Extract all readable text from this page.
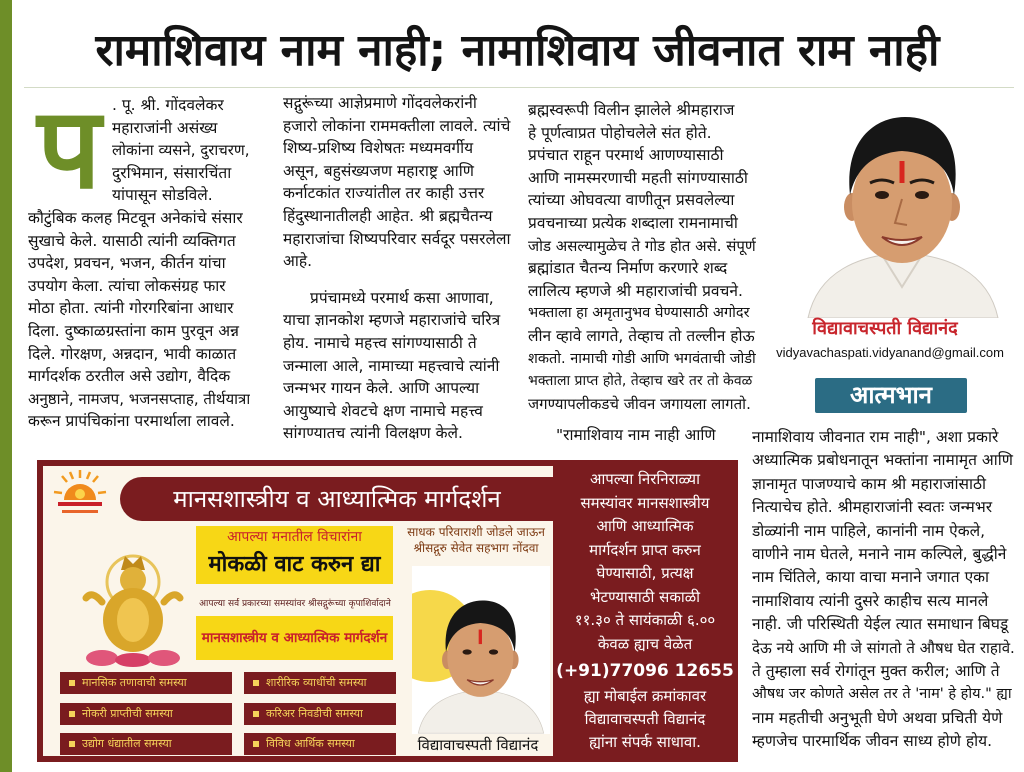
रामाशिवाय नाम नाही; नामाशिवाय जीवनात राम नाही
प . पू. श्री. गोंदवलेकर
महाराजांनी असंख्य
लोकांना व्यसने, दुराचरण,
दुरभिमान, संसारचिंता
यांपासून सोडविले.
कौटुंबिक कलह मिटवून अनेकांचे संसार
सुखाचे केले. यासाठी त्यांनी व्यक्तिगत
उपदेश, प्रवचन, भजन, कीर्तन यांचा
उपयोग केला. त्यांचा लोकसंग्रह फार
मोठा होता. त्यांनी गोरगरिबांना आधार
दिला. दुष्काळग्रस्तांना काम पुरवून अन्न
दिले. गोरक्षण, अन्नदान, भावी काळात
मार्गदर्शक ठरतील असे उद्योग, वैदिक
अनुष्ठाने, नामजप, भजनसप्ताह, तीर्थयात्रा
करून प्रापंचिकांना परमार्थाला लावले.
सद्गुरूंच्या आज्ञेप्रमाणे गोंदवलेकरांनी
हजारो लोकांना राममक्तीला लावले. त्यांचे
शिष्य-प्रशिष्य विशेषतः मध्यमवर्गीय
असून, बहुसंख्यजण महाराष्ट्र आणि
कर्नाटकांत राज्यांतील तर काही उत्तर
हिंदुस्थानातीलही आहेत. श्री ब्रह्मचैतन्य
महाराजांचा शिष्यपरिवार सर्वदूर पसरलेला
आहे.
प्रपंचामध्ये परमार्थ कसा आणावा,
याचा ज्ञानकोश म्हणजे महाराजांचे चरित्र
होय. नामाचे महत्त्व सांगण्यासाठी ते
जन्माला आले, नामाच्या महत्त्वाचे त्यांनी
जन्मभर गायन केले. आणि आपल्या
आयुष्याचे शेवटचे क्षण नामाचे महत्त्व
सांगण्यातच त्यांनी विलक्षण केले.
ब्रह्मस्वरूपी विलीन झालेले श्रीमहाराज
हे पूर्णत्वाप्रत पोहोचलेले संत होते.
प्रपंचात राहून परमार्थ आणण्यासाठी
आणि नामस्मरणाची महती सांगण्यासाठी
त्यांच्या ओघवत्या वाणीतून प्रसवलेल्या
प्रवचनाच्या प्रत्येक शब्दाला रामनामाची
जोड असल्यामुळेच ते गोड होत असे. संपूर्ण
ब्रह्मांडात चैतन्य निर्माण करणारे शब्द
लालित्य म्हणजे श्री महाराजांची प्रवचने.
भक्ताला हा अमृतानुभव घेण्यासाठी अगोदर
लीन व्हावे लागते, तेव्हाच तो तल्लीन होऊ
शकतो. नामाची गोडी आणि भगवंताची जोडी
भक्ताला प्राप्त होते, तेव्हाच खरे तर तो केवळ
जगण्यापलीकडचे जीवन जगायला लागतो.
"रामाशिवाय नाम नाही आणि
विद्यावाचस्पती विद्यानंद
vidyavachaspati.vidyanand@gmail.com
आत्मभान
नामाशिवाय जीवनात राम नाही", अशा प्रकारे
अध्यात्मिक प्रबोधनातून भक्तांना नामामृत आणि
ज्ञानामृत पाजण्याचे काम श्री महाराजांसाठी
नित्याचेच होते. श्रीमहाराजांनी स्वतः जन्मभर
डोळ्यांनी नाम पाहिले, कानांनी नाम ऐकले,
वाणीने नाम घेतले, मनाने नाम कल्पिले, बुद्धीने
नाम चिंतिले, काया वाचा मनाने जगात एका
नामाशिवाय त्यांनी दुसरे काहीच सत्य मानले
नाही. जी परिस्थिती येईल त्यात समाधान बिघडू
देऊ नये आणि मी जे सांगतो ते औषध घेत राहावे.
ते तुम्हाला सर्व रोगांतून मुक्त करील; आणि ते
औषध जर कोणते असेल तर ते 'नाम' हे होय." ह्या
नाम महतीची अनुभूती घेणे अथवा प्रचिती येणे
म्हणजेच पारमार्थिक जीवन साध्य होणे होय.
मानसशास्त्रीय व आध्यात्मिक मार्गदर्शन
आपल्या मनातील विचारांना
मोकळी वाट करुन द्या
साधक परिवाराशी जोडले जाऊन
श्रीसद्गुरु सेवेत सहभाग नोंदवा
आपल्या सर्व प्रकारच्या समस्यांवर श्रीसद्गुरूंच्या कृपाशिर्वादाने
मानसशास्त्रीय व आध्यात्मिक मार्गदर्शन
विद्यावाचस्पती विद्यानंद
मानसिक तणावाची समस्या	शारीरिक व्याधींची समस्या
नोकरी प्राप्तीची समस्या	करिअर निवडीची समस्या
उद्योग धंद्यातील समस्या	विविध आर्थिक समस्या
आपल्या निरनिराळ्या
समस्यांवर मानसशास्त्रीय
आणि आध्यात्मिक
मार्गदर्शन प्राप्त करुन
घेण्यासाठी, प्रत्यक्ष
भेटण्यासाठी सकाळी
११.३० ते सायंकाळी ६.००
केवळ ह्याच वेळेत
(+91)77096 12655
ह्या मोबाईल क्रमांकावर
विद्यावाचस्पती विद्यानंद
ह्यांना संपर्क साधावा.
